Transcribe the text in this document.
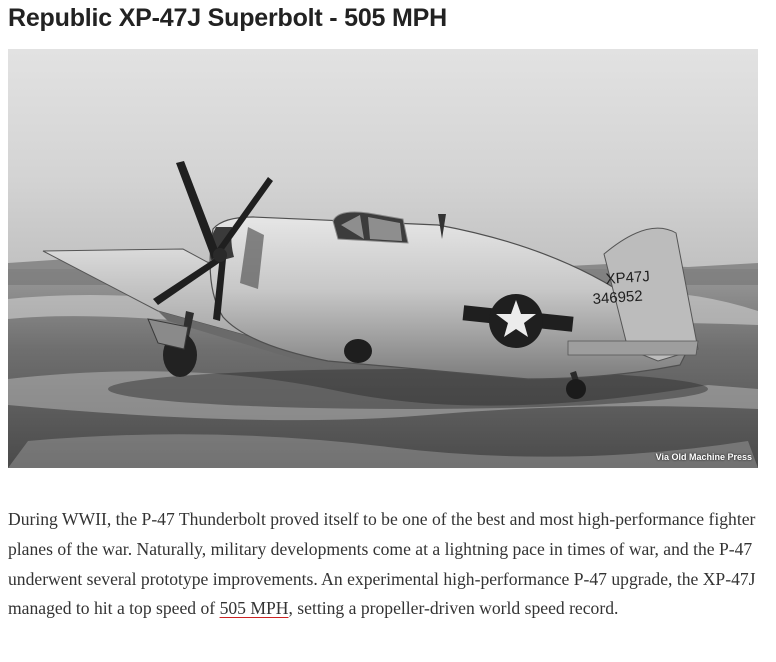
Republic XP-47J Superbolt - 505 MPH
XP47J
346952
Via Old Machine Press

During WWII, the P-47 Thunderbolt proved itself to be one of the best and most high-performance fighter planes of the war. Naturally, military developments come at a lightning pace in times of war, and the P-47 underwent several prototype improvements. An experimental high-performance P-47 upgrade, the XP-47J managed to hit a top speed of 505 MPH, setting a propeller-driven world speed record.
